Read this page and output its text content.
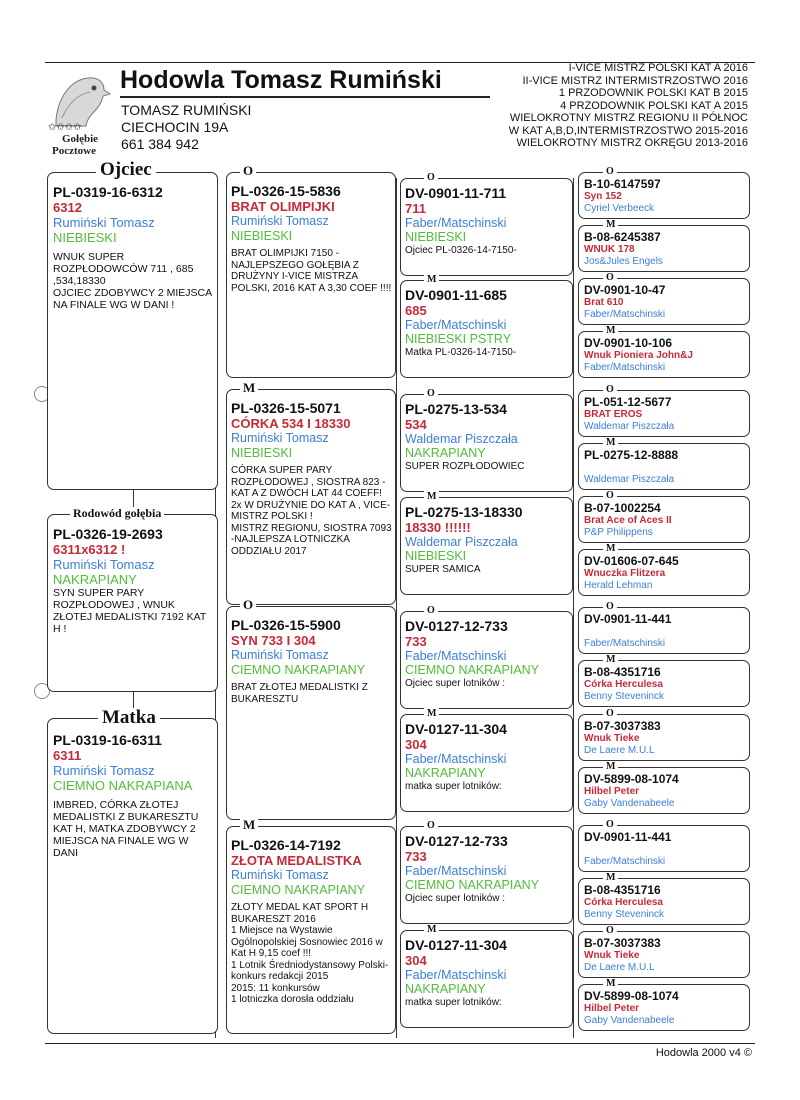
✩✩✩✩
Gołębie
Pocztowe
Hodowla Tomasz Rumiński
TOMASZ RUMIŃSKI
CIECHOCIN 19A
661 384 942
I-VICE MISTRZ POLSKI KAT A 2016
II-VICE MISTRZ INTERMISTRZOSTWO 2016
1 PRZODOWNIK POLSKI KAT B 2015
4 PRZODOWNIK POLSKI KAT A 2015
WIELOKROTNY MISTRZ REGIONU II PÓŁNOC
W KAT A,B,D,INTERMISTRZOSTWO 2015-2016
WIELOKROTNY MISTRZ OKRĘGU 2013-2016
PL-0319-16-6312
6312
Rumiński Tomasz
NIEBIESKI
WNUK SUPER ROZPŁODOWCÓW 711 , 685 ,534,18330
OJCIEC ZDOBYWCY 2 MIEJSCA NA FINALE WG W DANI !
Ojciec
PL-0326-19-2693
6311x6312 !
Rumiński Tomasz
NAKRAPIANY
SYN SUPER PARY ROZPŁODOWEJ , WNUK ZŁOTEJ MEDALISTKI 7192 KAT H !
Rodowód gołębia
PL-0319-16-6311
6311
Rumiński Tomasz
CIEMNO NAKRAPIANA
IMBRED, CÓRKA ZŁOTEJ MEDALISTKI Z BUKARESZTU KAT H, MATKA ZDOBYWCY 2
MIEJSCA NA FINALE WG W DANI
Matka
PL-0326-15-5836
BRAT OLIMPIJKI
Rumiński Tomasz
NIEBIESKI
BRAT OLIMPIJKI 7150 - NAJLEPSZEGO GOŁĘBIA Z DRUŻYNY I-VICE MISTRZA POLSKI, 2016 KAT A 3,30 COEF !!!!
O
PL-0326-15-5071
CÓRKA 534 I 18330
Rumiński Tomasz
NIEBIESKI
CÓRKA SUPER PARY ROZPŁODOWEJ , SIOSTRA 823 -KAT A Z DWÓCH LAT 44 COEFF! 2x W DRUŻYNIE DO KAT A , VICE-MISTRZ POLSKI !
MISTRZ REGIONU, SIOSTRA 7093 -NAJLEPSZA LOTNICZKA ODDZIAŁU 2017
M
PL-0326-15-5900
SYN 733 I 304
Rumiński Tomasz
CIEMNO NAKRAPIANY
BRAT ZŁOTEJ MEDALISTKI Z BUKARESZTU
O
PL-0326-14-7192
ZŁOTA MEDALISTKA
Rumiński Tomasz
CIEMNO NAKRAPIANY
ZŁOTY MEDAL KAT SPORT H BUKARESZT 2016
1 Miejsce na Wystawie Ogólnopolskiej Sosnowiec 2016 w Kat H 9,15 coef !!!
1 Lotnik Średniodystansowy Polski- konkurs redakcji 2015
2015: 11 konkursów
1 lotniczka dorosła oddziału
M
DV-0901-11-711
711
Faber/Matschinski
NIEBIESKI
Ojciec PL-0326-14-7150-
O
DV-0901-11-685
685
Faber/Matschinski
NIEBIESKI PSTRY
Matka PL-0326-14-7150-
M
PL-0275-13-534
534
Waldemar Piszczała
NAKRAPIANY
SUPER ROZPŁODOWIEC
O
PL-0275-13-18330
18330 !!!!!!
Waldemar Piszczała
NIEBIESKI
SUPER SAMICA
M
DV-0127-12-733
733
Faber/Matschinski
CIEMNO NAKRAPIANY
Ojciec super lotników :
O
DV-0127-11-304
304
Faber/Matschinski
NAKRAPIANY
matka super lotników:
M
DV-0127-12-733
733
Faber/Matschinski
CIEMNO NAKRAPIANY
Ojciec super lotników :
O
DV-0127-11-304
304
Faber/Matschinski
NAKRAPIANY
matka super lotników:
M
B-10-6147597
Syn 152
Cyriel Verbeeck
O
B-08-6245387
WNUK 178
Jos&Jules Engels
M
DV-0901-10-47
Brat 610
Faber/Matschinski
O
DV-0901-10-106
Wnuk Pioniera John&J
Faber/Matschinski
M
PL-051-12-5677
BRAT EROS
Waldemar Piszczała
O
PL-0275-12-8888
Waldemar Piszczała
M
B-07-1002254
Brat Ace of Aces II
P&P Philippens
O
DV-01606-07-645
Wnuczka Flitzera
Herald Lehman
M
DV-0901-11-441
Faber/Matschinski
O
B-08-4351716
Córka Herculesa
Benny Steveninck
M
B-07-3037383
Wnuk Tieke
De Laere M.U.L
O
DV-5899-08-1074
Hilbel Peter
Gaby Vandenabeele
M
DV-0901-11-441
Faber/Matschinski
O
B-08-4351716
Córka Herculesa
Benny Steveninck
M
B-07-3037383
Wnuk Tieke
De Laere M.U.L
O
DV-5899-08-1074
Hilbel Peter
Gaby Vandenabeele
M
Hodowla 2000 v4 ©
